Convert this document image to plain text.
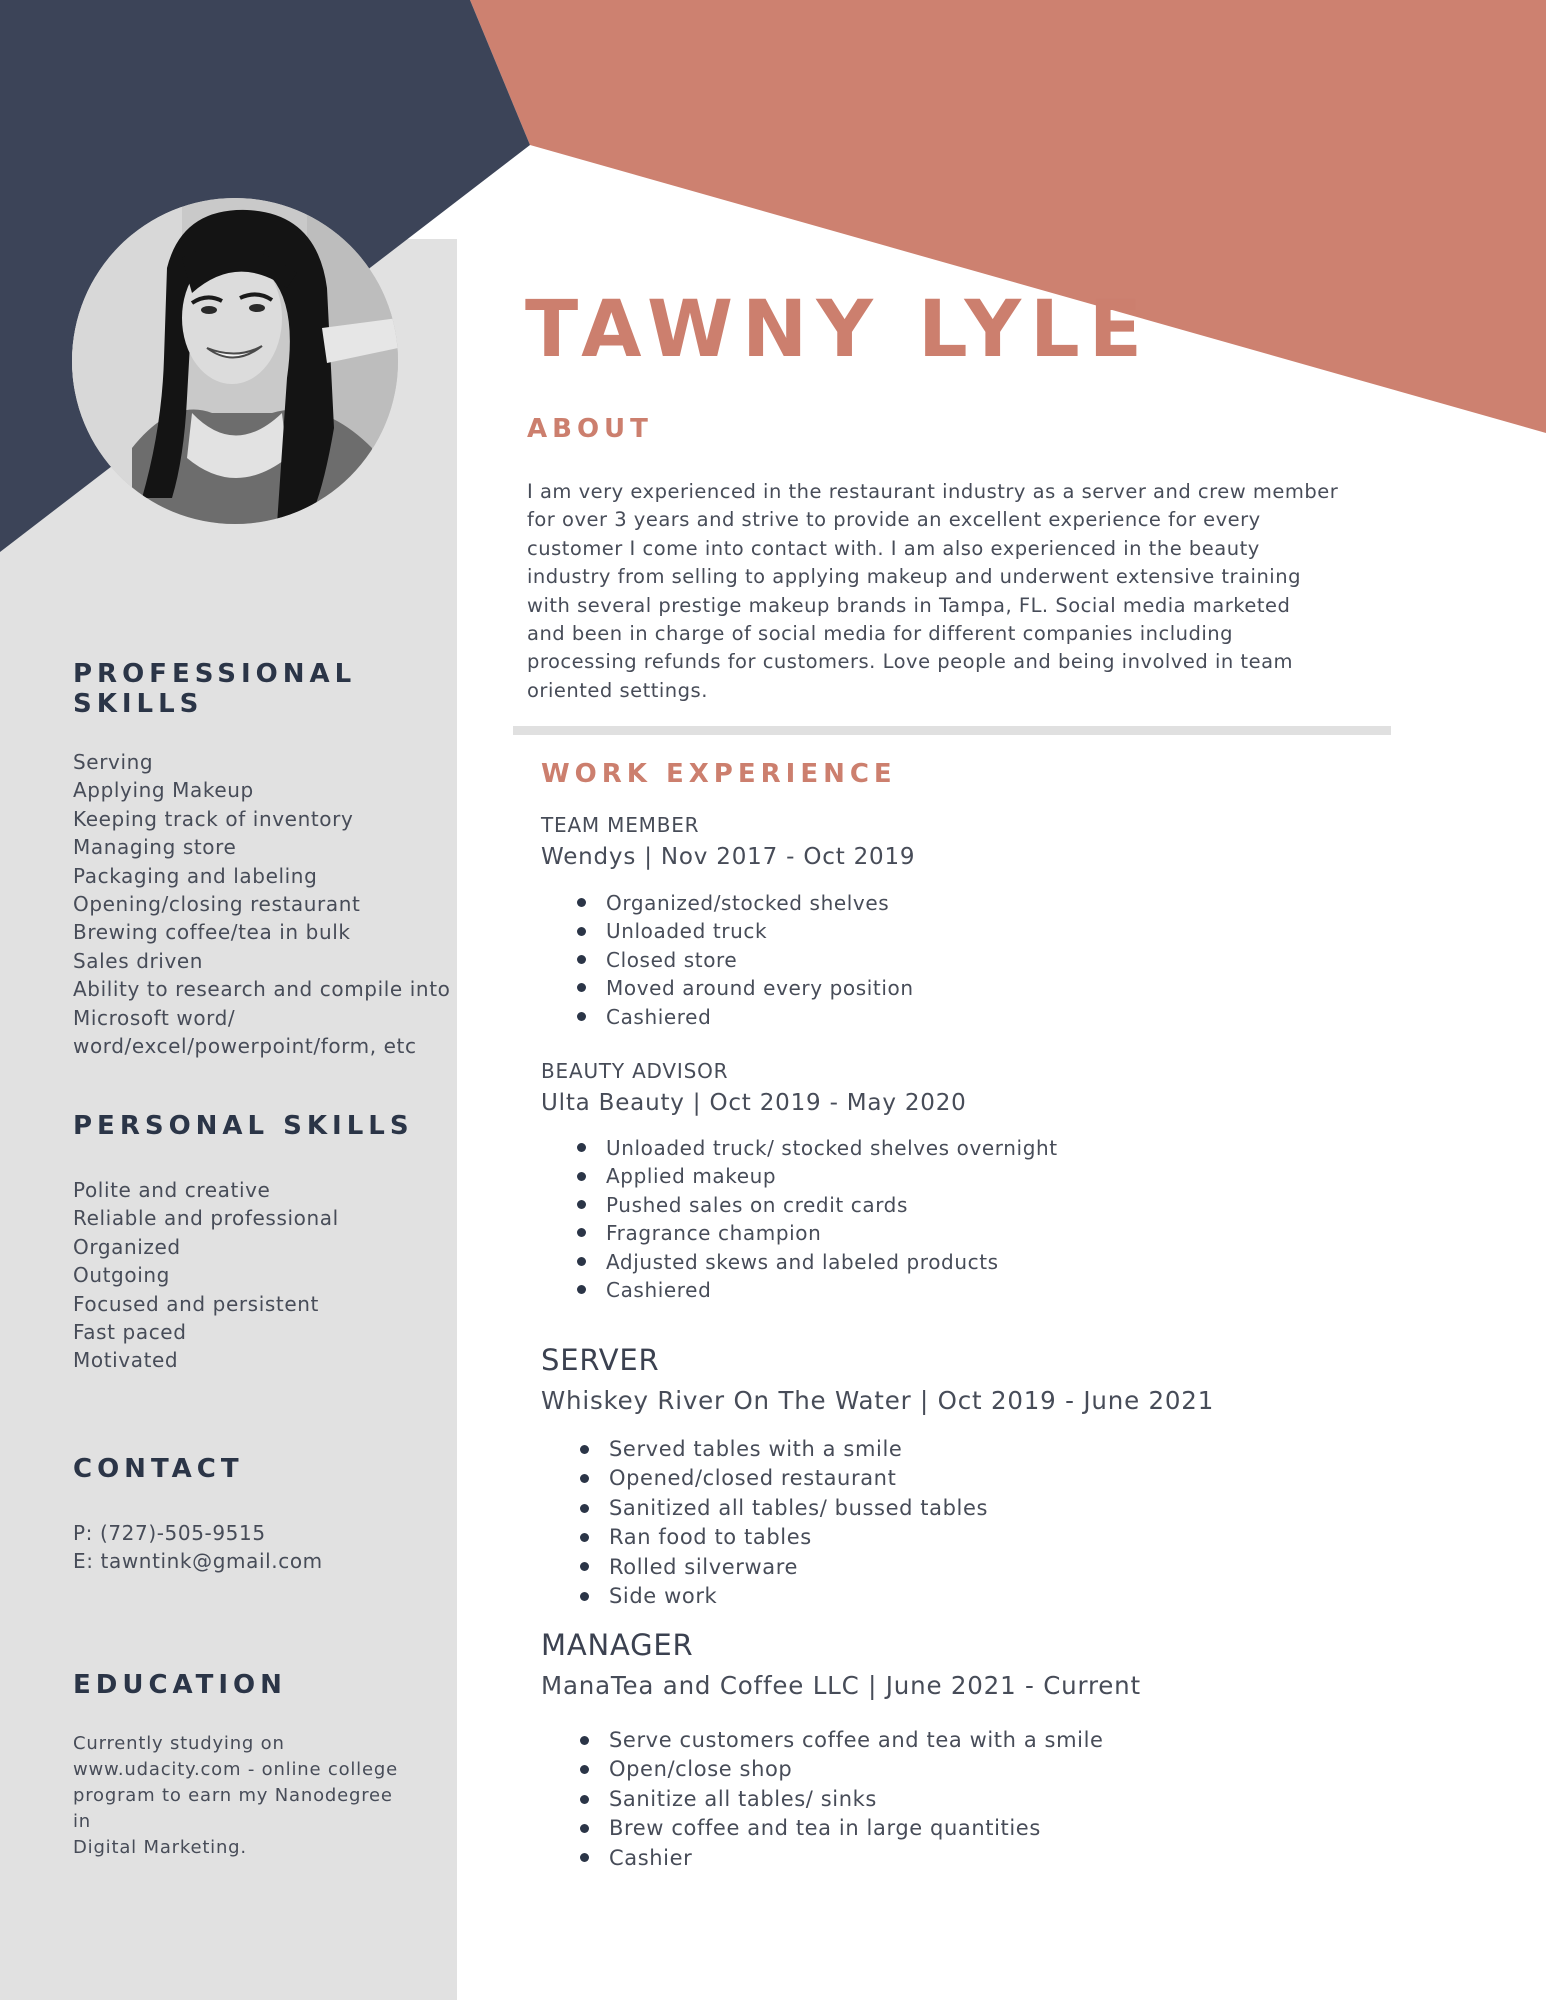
PROFESSIONAL
SKILLS
Serving
Applying Makeup
Keeping track of inventory
Managing store
Packaging and labeling
Opening/closing restaurant
Brewing coffee/tea in bulk
Sales driven
Ability to research and compile into
Microsoft word/
word/excel/powerpoint/form, etc
PERSONAL SKILLS
Polite and creative
Reliable and professional
Organized
Outgoing
Focused and persistent
Fast paced
Motivated
CONTACT
P: (727)-505-9515
E: tawntink@gmail.com
EDUCATION
Currently studying on
www.udacity.com - online college
program to earn my Nanodegree in
Digital Marketing.
TAWNY LYLE
ABOUT
I am very experienced in the restaurant industry as a server and crew member
for over 3 years and strive to provide an excellent experience for every
customer I come into contact with. I am also experienced in the beauty
industry from selling to applying makeup and underwent extensive training
with several prestige makeup brands in Tampa, FL. Social media marketed
and been in charge of social media for different companies including
processing refunds for customers. Love people and being involved in team
oriented settings.
WORK EXPERIENCE
TEAM MEMBER
Wendys | Nov 2017 - Oct 2019
Organized/stocked shelves
Unloaded truck
Closed store
Moved around every position
Cashiered
BEAUTY ADVISOR
Ulta Beauty | Oct 2019 - May 2020
Unloaded truck/ stocked shelves overnight
Applied makeup
Pushed sales on credit cards
Fragrance champion
Adjusted skews and labeled products
Cashiered
SERVER
Whiskey River On The Water | Oct 2019 - June 2021
Served tables with a smile
Opened/closed restaurant
Sanitized all tables/ bussed tables
Ran food to tables
Rolled silverware
Side work
MANAGER
ManaTea and Coffee LLC | June 2021 - Current
Serve customers coffee and tea with a smile
Open/close shop
Sanitize all tables/ sinks
Brew coffee and tea in large quantities
Cashier
